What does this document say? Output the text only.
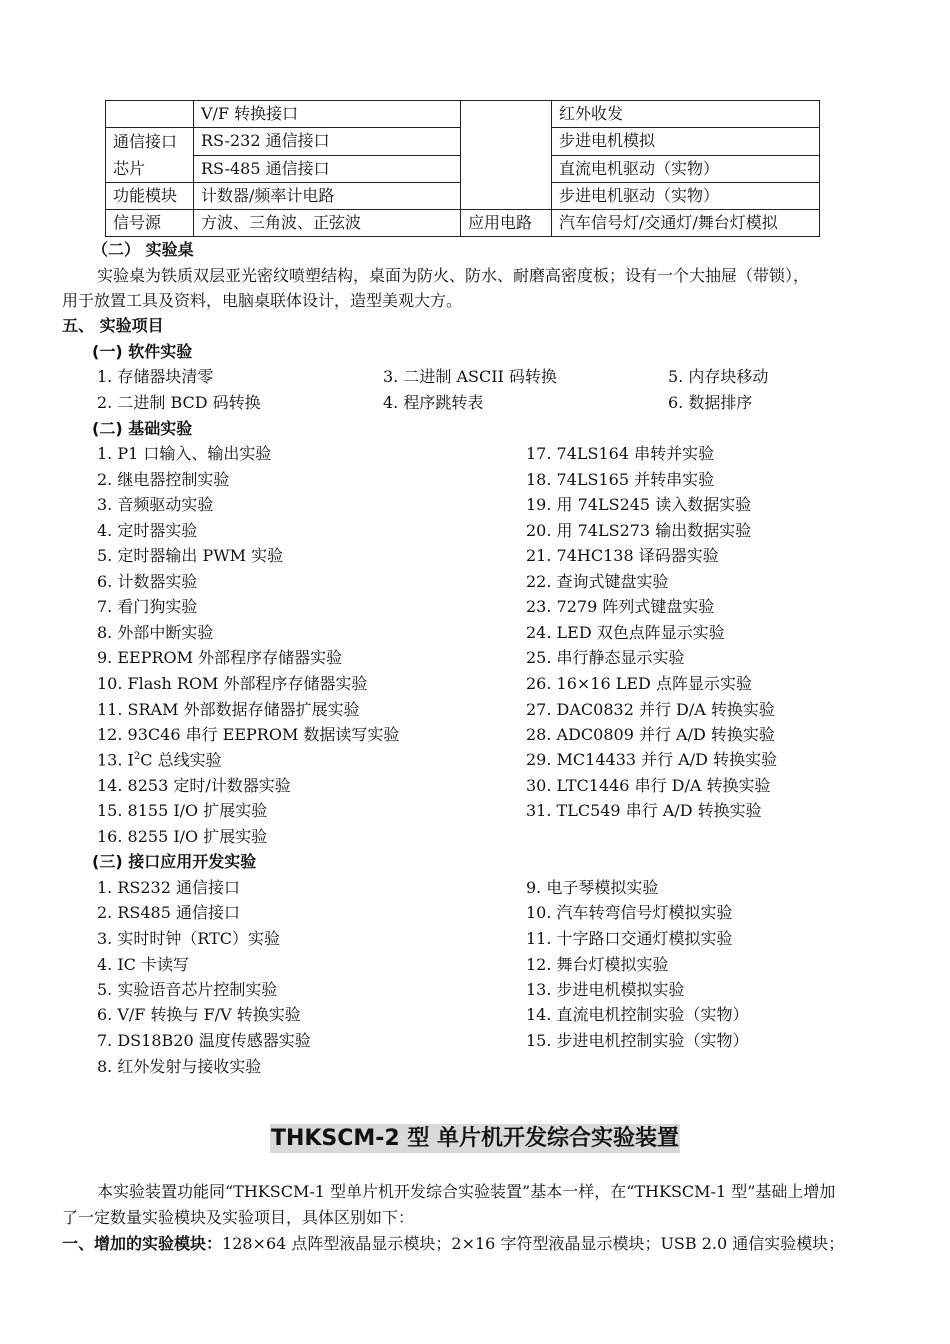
	V/F 转换接口		红外收发
通信接口
芯片	RS-232 通信接口		步进电机模拟
	RS-485 通信接口		直流电机驱动（实物）
功能模块	计数器/频率计电路		步进电机驱动（实物）
信号源	方波、三角波、正弦波	应用电路	汽车信号灯/交通灯/舞台灯模拟
（二） 实验桌
实验桌为铁质双层亚光密纹喷塑结构，桌面为防火、防水、耐磨高密度板；设有一个大抽屉（带锁），
用于放置工具及资料，电脑桌联体设计，造型美观大方。
五、 实验项目
(一) 软件实验
1. 存储器块清零	3. 二进制 ASCII 码转换	5. 内存块移动
2. 二进制 BCD 码转换	4. 程序跳转表	6. 数据排序
(二) 基础实验
1. P1 口输入、输出实验
2. 继电器控制实验
3. 音频驱动实验
4. 定时器实验
5. 定时器输出 PWM 实验
6. 计数器实验
7. 看门狗实验
8. 外部中断实验
9. EEPROM 外部程序存储器实验
10. Flash ROM 外部程序存储器实验
11. SRAM 外部数据存储器扩展实验
12. 93C46 串行 EEPROM 数据读写实验
13. $I^2C$ 总线实验
14. 8253 定时/计数器实验
15. 8155 I/O 扩展实验
16. 8255 I/O 扩展实验
17. 74LS164 串转并实验
18. 74LS165 并转串实验
19. 用 74LS245 读入数据实验
20. 用 74LS273 输出数据实验
21. 74HC138 译码器实验
22. 查询式键盘实验
23. 7279 阵列式键盘实验
24. LED 双色点阵显示实验
25. 串行静态显示实验
26. 16×16 LED 点阵显示实验
27. DAC0832 并行 D/A 转换实验
28. ADC0809 并行 A/D 转换实验
29. MC14433 并行 A/D 转换实验
30. LTC1446 串行 D/A 转换实验
31. TLC549 串行 A/D 转换实验
(三) 接口应用开发实验
1. RS232 通信接口
2. RS485 通信接口
3. 实时时钟（RTC）实验
4. IC 卡读写
5. 实验语音芯片控制实验
6. V/F 转换与 F/V 转换实验
7. DS18B20 温度传感器实验
8. 红外发射与接收实验
9. 电子琴模拟实验
10. 汽车转弯信号灯模拟实验
11. 十字路口交通灯模拟实验
12. 舞台灯模拟实验
13. 步进电机模拟实验
14. 直流电机控制实验（实物）
15. 步进电机控制实验（实物）
THKSCM-2 型 单片机开发综合实验装置
本实验装置功能同“THKSCM-1 型单片机开发综合实验装置”基本一样，在“THKSCM-1 型”基础上增加
了一定数量实验模块及实验项目，具体区别如下：
一、增加的实验模块：128×64 点阵型液晶显示模块；2×16 字符型液晶显示模块；USB 2.0 通信实验模块；
